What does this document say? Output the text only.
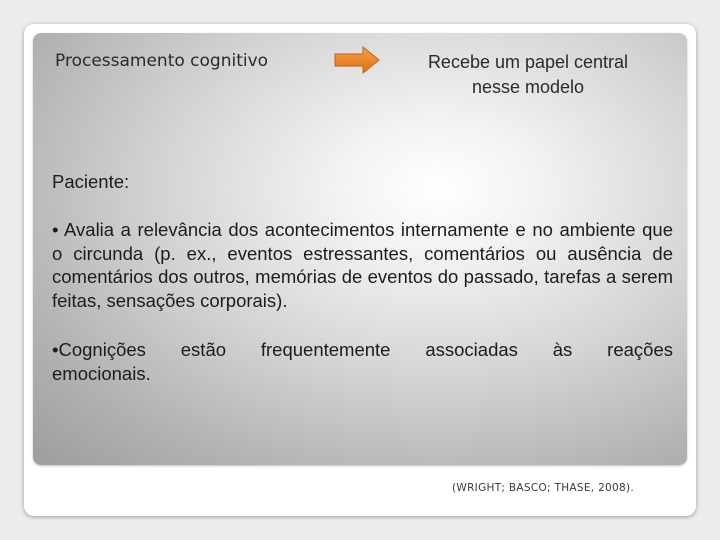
Processamento cognitivo	Recebe um papel central
nesse modelo
Paciente:
• Avalia a relevância dos acontecimentos internamente e no ambiente que o circunda (p. ex., eventos estressantes, comentários ou ausência de comentários dos outros, memórias de eventos do passado, tarefas a serem feitas, sensações corporais).
•Cognições estão frequentemente associadas às reações
emocionais.
(WRIGHT; BASCO; THASE, 2008).
